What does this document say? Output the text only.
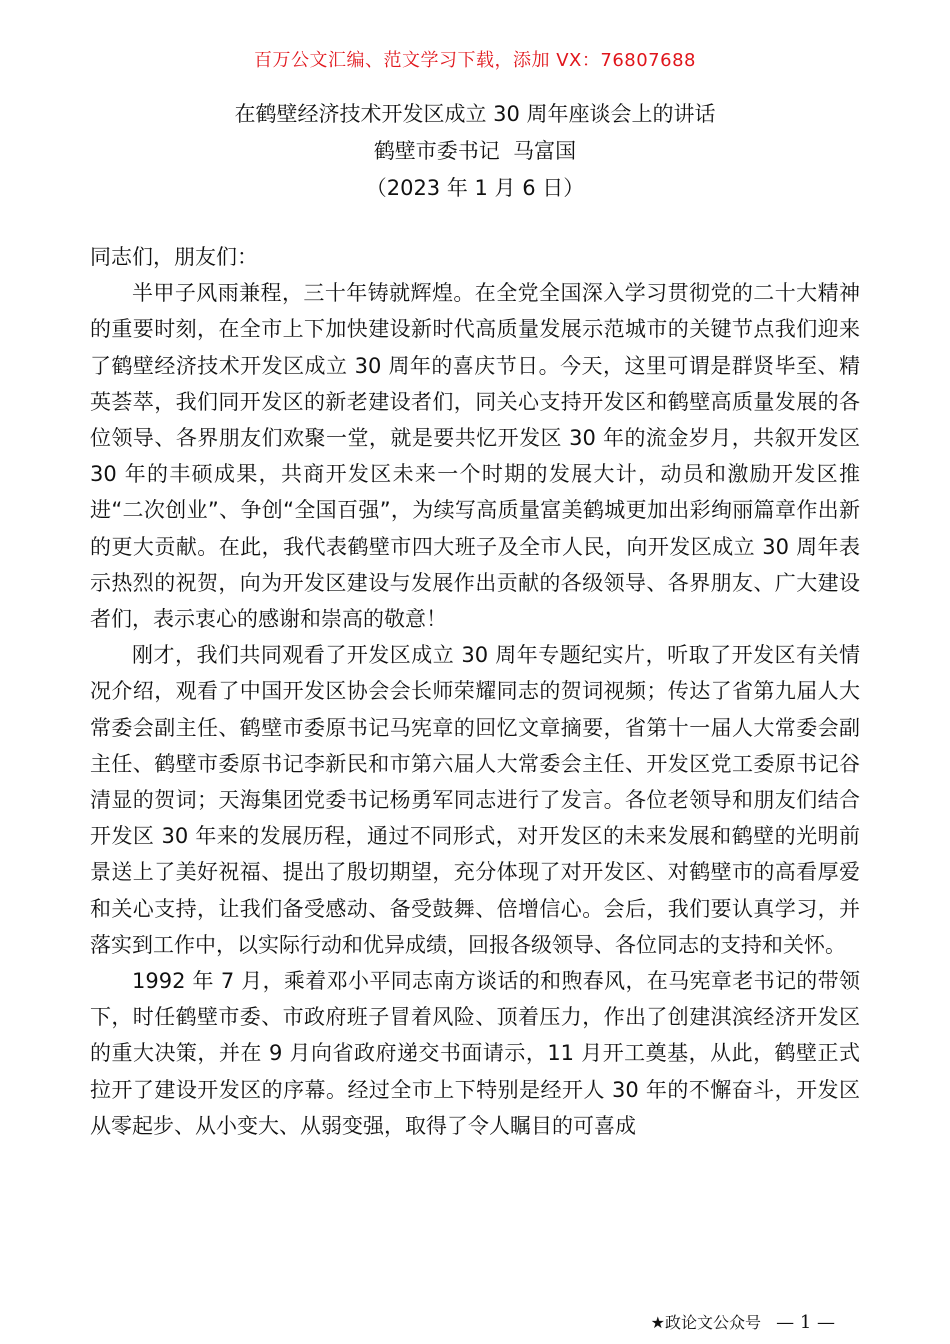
百万公文汇编、范文学习下载，添加 VX：76807688
在鹤壁经济技术开发区成立 30 周年座谈会上的讲话
鹤壁市委书记  马富国
（2023 年 1 月 6 日）

同志们，朋友们：

半甲子风雨兼程，三十年铸就辉煌。在全党全国深入学习贯彻党的二十大精神的重要时刻，在全市上下加快建设新时代高质量发展示范城市的关键节点我们迎来了鹤壁经济技术开发区成立 30 周年的喜庆节日。今天，这里可谓是群贤毕至、精英荟萃，我们同开发区的新老建设者们，同关心支持开发区和鹤壁高质量发展的各位领导、各界朋友们欢聚一堂，就是要共忆开发区 30 年的流金岁月，共叙开发区 30 年的丰硕成果，共商开发区未来一个时期的发展大计，动员和激励开发区推进“二次创业”、争创“全国百强”，为续写高质量富美鹤城更加出彩绚丽篇章作出新的更大贡献。在此，我代表鹤壁市四大班子及全市人民，向开发区成立 30 周年表示热烈的祝贺，向为开发区建设与发展作出贡献的各级领导、各界朋友、广大建设者们，表示衷心的感谢和崇高的敬意！

刚才，我们共同观看了开发区成立 30 周年专题纪实片，听取了开发区有关情况介绍，观看了中国开发区协会会长师荣耀同志的贺词视频；传达了省第九届人大常委会副主任、鹤壁市委原书记马宪章的回忆文章摘要，省第十一届人大常委会副主任、鹤壁市委原书记李新民和市第六届人大常委会主任、开发区党工委原书记谷清显的贺词；天海集团党委书记杨勇军同志进行了发言。各位老领导和朋友们结合开发区 30 年来的发展历程，通过不同形式，对开发区的未来发展和鹤壁的光明前景送上了美好祝福、提出了殷切期望，充分体现了对开发区、对鹤壁市的高看厚爱和关心支持，让我们备受感动、备受鼓舞、倍增信心。会后，我们要认真学习，并落实到工作中，以实际行动和优异成绩，回报各级领导、各位同志的支持和关怀。

1992 年 7 月，乘着邓小平同志南方谈话的和煦春风，在马宪章老书记的带领下，时任鹤壁市委、市政府班子冒着风险、顶着压力，作出了创建淇滨经济开发区的重大决策，并在 9 月向省政府递交书面请示，11 月开工奠基，从此，鹤壁正式拉开了建设开发区的序幕。经过全市上下特别是经开人 30 年的不懈奋斗，开发区从零起步、从小变大、从弱变强，取得了令人瞩目的可喜成

★政论文公众号 — 1 —
